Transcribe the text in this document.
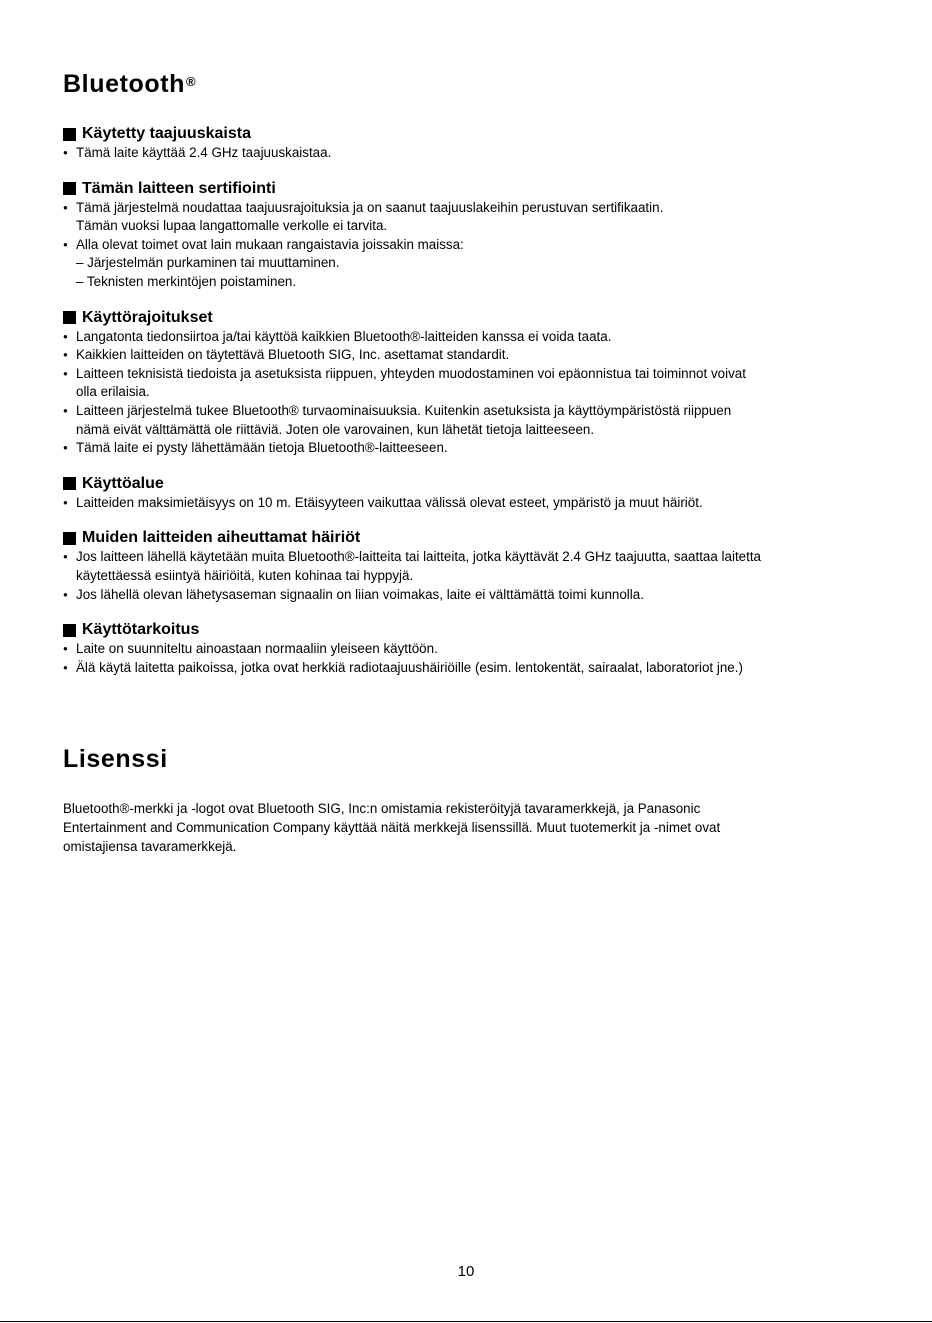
Bluetooth®
Käytetty taajuuskaista
● Tämä laite käyttää 2.4 GHz taajuuskaistaa.
Tämän laitteen sertifiointi
● Tämä järjestelmä noudattaa taajuusrajoituksia ja on saanut taajuuslakeihin perustuvan sertifikaatin.
Tämän vuoksi lupaa langattomalle verkolle ei tarvita.
● Alla olevat toimet ovat lain mukaan rangaistavia joissakin maissa:
– Järjestelmän purkaminen tai muuttaminen.
– Teknisten merkintöjen poistaminen.
Käyttörajoitukset
● Langatonta tiedonsiirtoa ja/tai käyttöä kaikkien Bluetooth®-laitteiden kanssa ei voida taata.
● Kaikkien laitteiden on täytettävä Bluetooth SIG, Inc. asettamat standardit.
● Laitteen teknisistä tiedoista ja asetuksista riippuen, yhteyden muodostaminen voi epäonnistua tai toiminnot voivat
olla erilaisia.
● Laitteen järjestelmä tukee Bluetooth® turvaominaisuuksia. Kuitenkin asetuksista ja käyttöympäristöstä riippuen
nämä eivät välttämättä ole riittäviä. Joten ole varovainen, kun lähetät tietoja laitteeseen.
● Tämä laite ei pysty lähettämään tietoja Bluetooth®-laitteeseen.
Käyttöalue
● Laitteiden maksimietäisyys on 10 m. Etäisyyteen vaikuttaa välissä olevat esteet, ympäristö ja muut häiriöt.
Muiden laitteiden aiheuttamat häiriöt
● Jos laitteen lähellä käytetään muita Bluetooth®-laitteita tai laitteita, jotka käyttävät 2.4 GHz taajuutta, saattaa laitetta
käytettäessä esiintyä häiriöitä, kuten kohinaa tai hyppyjä.
● Jos lähellä olevan lähetysaseman signaalin on liian voimakas, laite ei välttämättä toimi kunnolla.
Käyttötarkoitus
● Laite on suunniteltu ainoastaan normaaliin yleiseen käyttöön.
● Älä käytä laitetta paikoissa, jotka ovat herkkiä radiotaajuushäiriöille (esim. lentokentät, sairaalat, laboratoriot jne.)
Lisenssi

Bluetooth®-merkki ja -logot ovat Bluetooth SIG, Inc:n omistamia rekisteröityjä tavaramerkkejä, ja Panasonic
Entertainment and Communication Company käyttää näitä merkkejä lisenssillä. Muut tuotemerkit ja -nimet ovat
omistajiensa tavaramerkkejä.

10
